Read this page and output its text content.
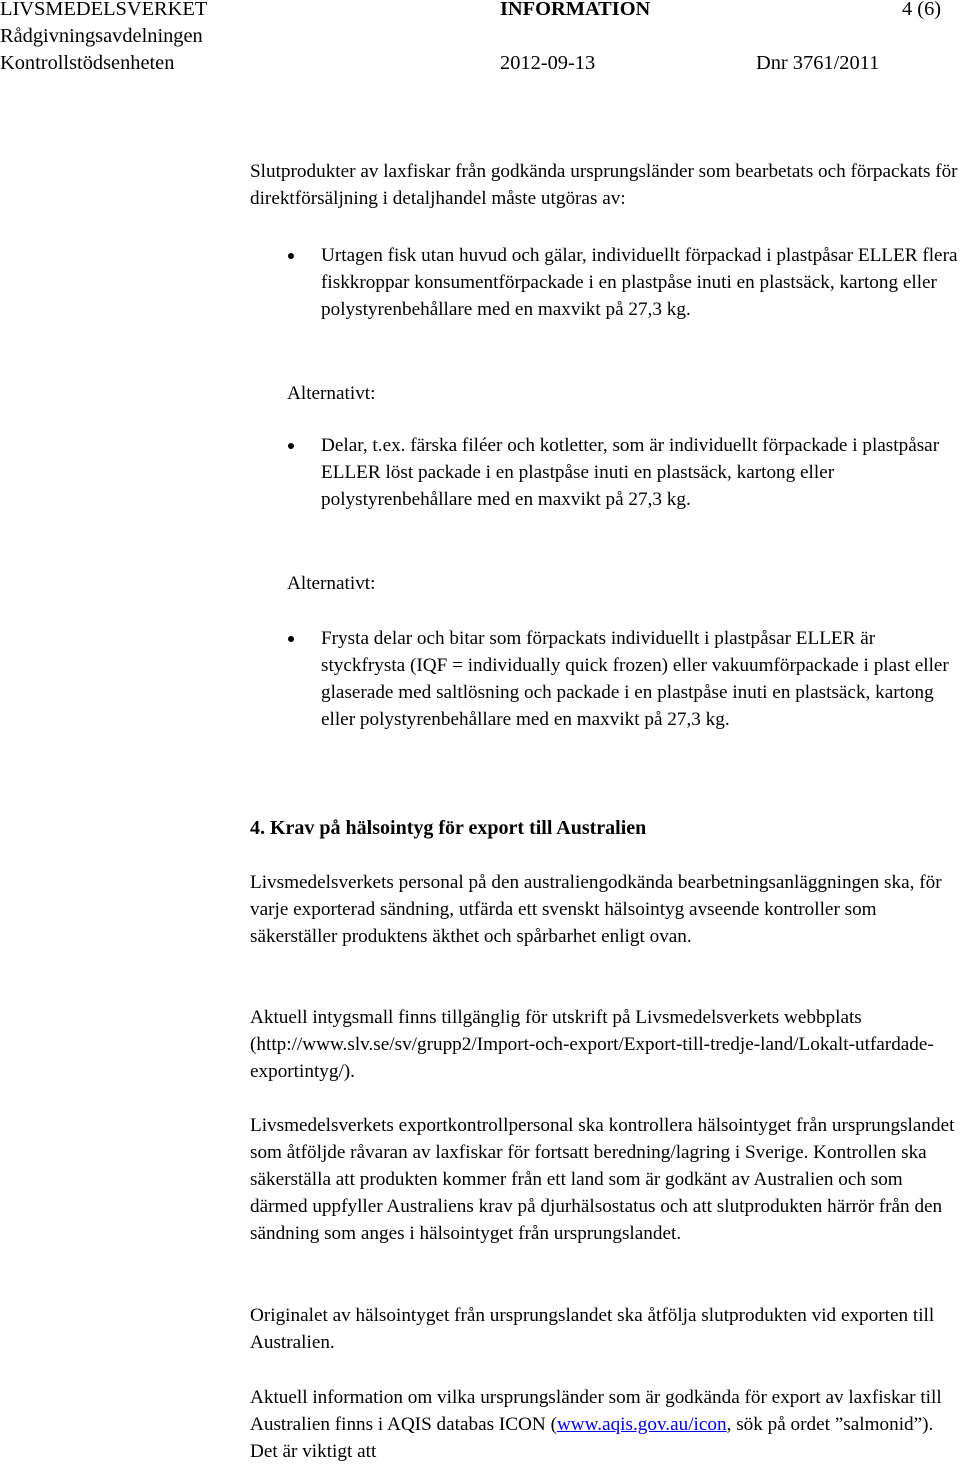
LIVSMEDELSVERKET	INFORMATION	4 (6)
Rådgivningsavdelningen
Kontrollstödsenheten	2012-09-13	Dnr 3761/2011

Slutprodukter av laxfiskar från godkända ursprungsländer som bearbetats och förpackats för direktförsäljning i detaljhandel måste utgöras av:

Urtagen fisk utan huvud och gälar, individuellt förpackad i plastpåsar ELLER flera fiskkroppar konsumentförpackade i en plastpåse inuti en plastsäck, kartong eller polystyrenbehållare med en maxvikt på 27,3 kg.
Alternativt:
Delar, t.ex. färska filéer och kotletter, som är individuellt förpackade i plastpåsar ELLER löst packade i en plastpåse inuti en plastsäck, kartong eller polystyrenbehållare med en maxvikt på 27,3 kg.
Alternativt:
Frysta delar och bitar som förpackats individuellt i plastpåsar ELLER är styckfrysta (IQF = individually quick frozen) eller vakuumförpackade i plast eller glaserade med saltlösning och packade i en plastpåse inuti en plastsäck, kartong eller polystyrenbehållare med en maxvikt på 27,3 kg.
4. Krav på hälsointyg för export till Australien

Livsmedelsverkets personal på den australiengodkända bearbetningsanläggningen ska, för varje exporterad sändning, utfärda ett svenskt hälsointyg avseende kontroller som säkerställer produktens äkthet och spårbarhet enligt ovan.

Aktuell intygsmall finns tillgänglig för utskrift på Livsmedelsverkets webbplats (http://www.slv.se/sv/grupp2/Import-och-export/Export-till-tredje-land/Lokalt-utfardade-exportintyg/).

Livsmedelsverkets exportkontrollpersonal ska kontrollera hälsointyget från ursprungslandet som åtföljde råvaran av laxfiskar för fortsatt beredning/lagring i Sverige. Kontrollen ska säkerställa att produkten kommer från ett land som är godkänt av Australien och som därmed uppfyller Australiens krav på djurhälsostatus och att slutprodukten härrör från den sändning som anges i hälsointyget från ursprungslandet.

Originalet av hälsointyget från ursprungslandet ska åtfölja slutprodukten vid exporten till Australien.

Aktuell information om vilka ursprungsländer som är godkända för export av laxfiskar till Australien finns i AQIS databas ICON (www.aqis.gov.au/icon, sök på ordet ”salmonid”). Det är viktigt att
